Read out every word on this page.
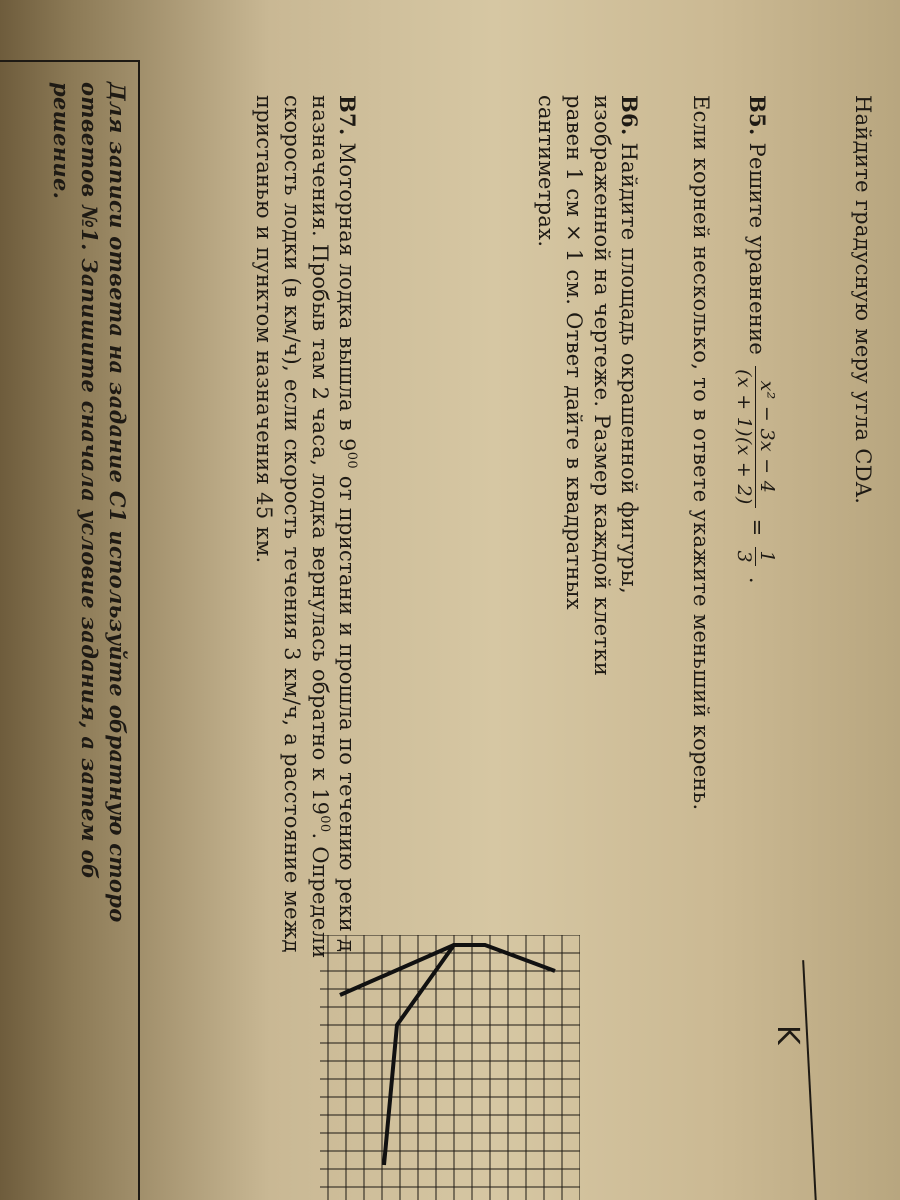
Найдите градусную меру угла CDA.
В5. Решите уравнение
x² − 3x − 4
(x + 1)(x + 2)
=
1
3
.
Если корней несколько, то в ответе укажите меньший корень.
В6. Найдите площадь окрашенной фигуры,
изображенной на чертеже. Размер каждой клетки
равен 1 см × 1 см. Ответ дайте в квадратных
сантиметрах.
В7. Моторная лодка вышла в $9^{00}$ от пристани и прошла по течению реки д
назначения. Пробыв там 2 часа, лодка вернулась обратно к $19^{00}$. Определи
скорость лодки (в км/ч), если скорость течения 3 км/ч, а расстояние межд
пристанью и пунктом назначения 45 км.
Для записи ответа на задание С1 используйте обратную сторо
ответов №1. Запишите сначала условие задания, а затем об
решение.
K
